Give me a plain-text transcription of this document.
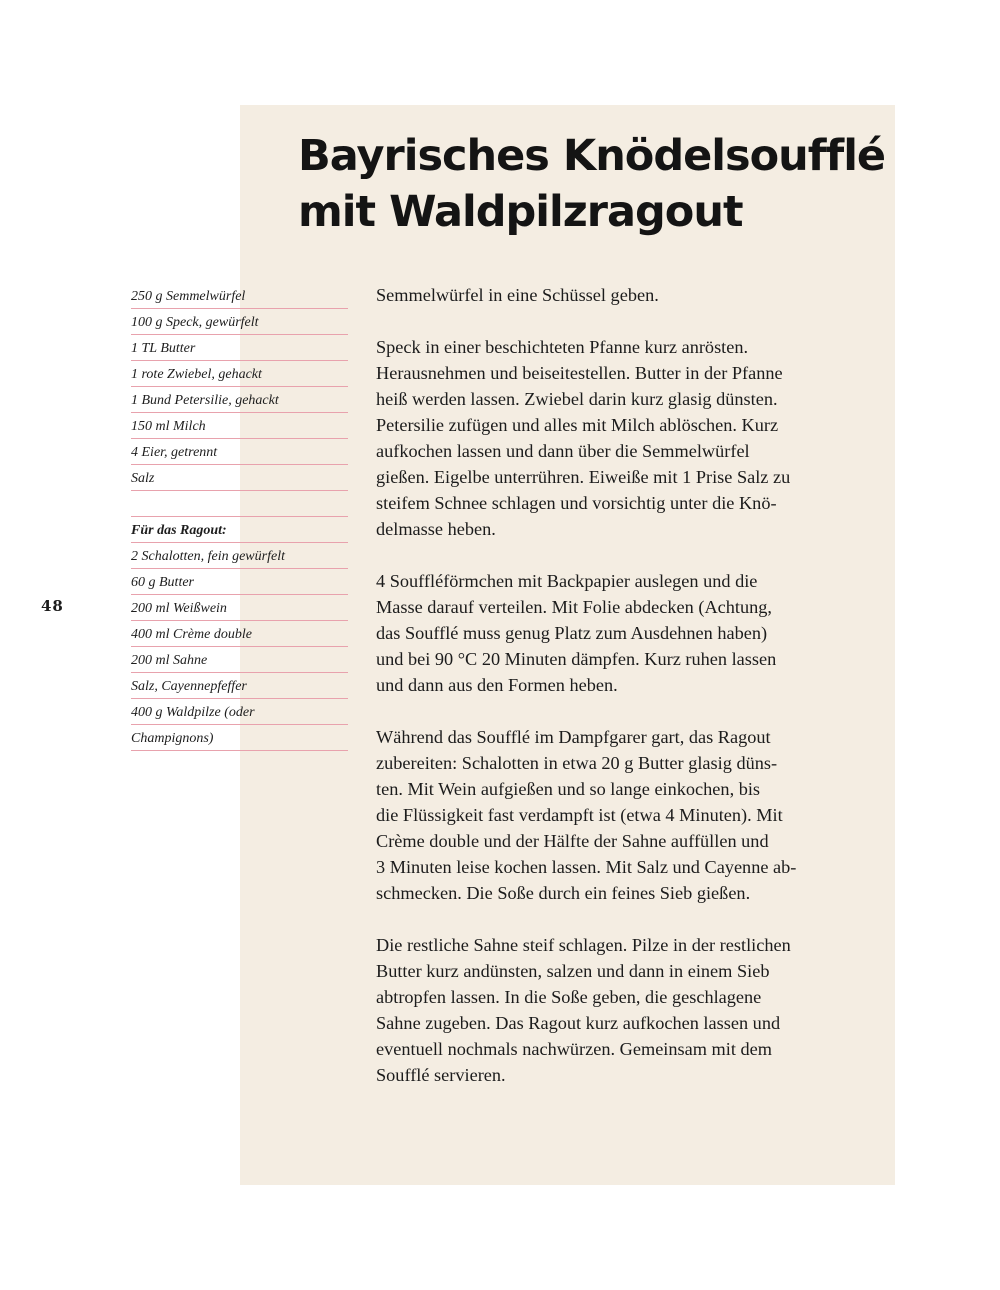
Bayrisches Knödelsoufflé
mit Waldpilzragout
48
250 g Semmelwürfel
100 g Speck, gewürfelt
1 TL Butter
1 rote Zwiebel, gehackt
1 Bund Petersilie, gehackt
150 ml Milch
4 Eier, getrennt
Salz
Für das Ragout:
2 Schalotten, fein gewürfelt
60 g Butter
200 ml Weißwein
400 ml Crème double
200 ml Sahne
Salz, Cayennepfeffer
400 g Waldpilze (oder
Champignons)

Semmelwürfel in eine Schüssel geben.

Speck in einer beschichteten Pfanne kurz anrösten.
Herausnehmen und beiseitestellen. Butter in der Pfanne
heiß werden lassen. Zwiebel darin kurz glasig dünsten.
Petersilie zufügen und alles mit Milch ablöschen. Kurz
aufkochen lassen und dann über die Semmelwürfel
gießen. Eigelbe unterrühren. Eiweiße mit 1 Prise Salz zu
steifem Schnee schlagen und vorsichtig unter die Knö-
delmasse heben.

4 Souffléförmchen mit Backpapier auslegen und die
Masse darauf verteilen. Mit Folie abdecken (Achtung,
das Soufflé muss genug Platz zum Ausdehnen haben)
und bei 90 °C 20 Minuten dämpfen. Kurz ruhen lassen
und dann aus den Formen heben.

Während das Soufflé im Dampfgarer gart, das Ragout
zubereiten: Schalotten in etwa 20 g Butter glasig düns-
ten. Mit Wein aufgießen und so lange einkochen, bis
die Flüssigkeit fast verdampft ist (etwa 4 Minuten). Mit
Crème double und der Hälfte der Sahne auffüllen und
3 Minuten leise kochen lassen. Mit Salz und Cayenne ab-
schmecken. Die Soße durch ein feines Sieb gießen.

Die restliche Sahne steif schlagen. Pilze in der restlichen
Butter kurz andünsten, salzen und dann in einem Sieb
abtropfen lassen. In die Soße geben, die geschlagene
Sahne zugeben. Das Ragout kurz aufkochen lassen und
eventuell nochmals nachwürzen. Gemeinsam mit dem
Soufflé servieren.
